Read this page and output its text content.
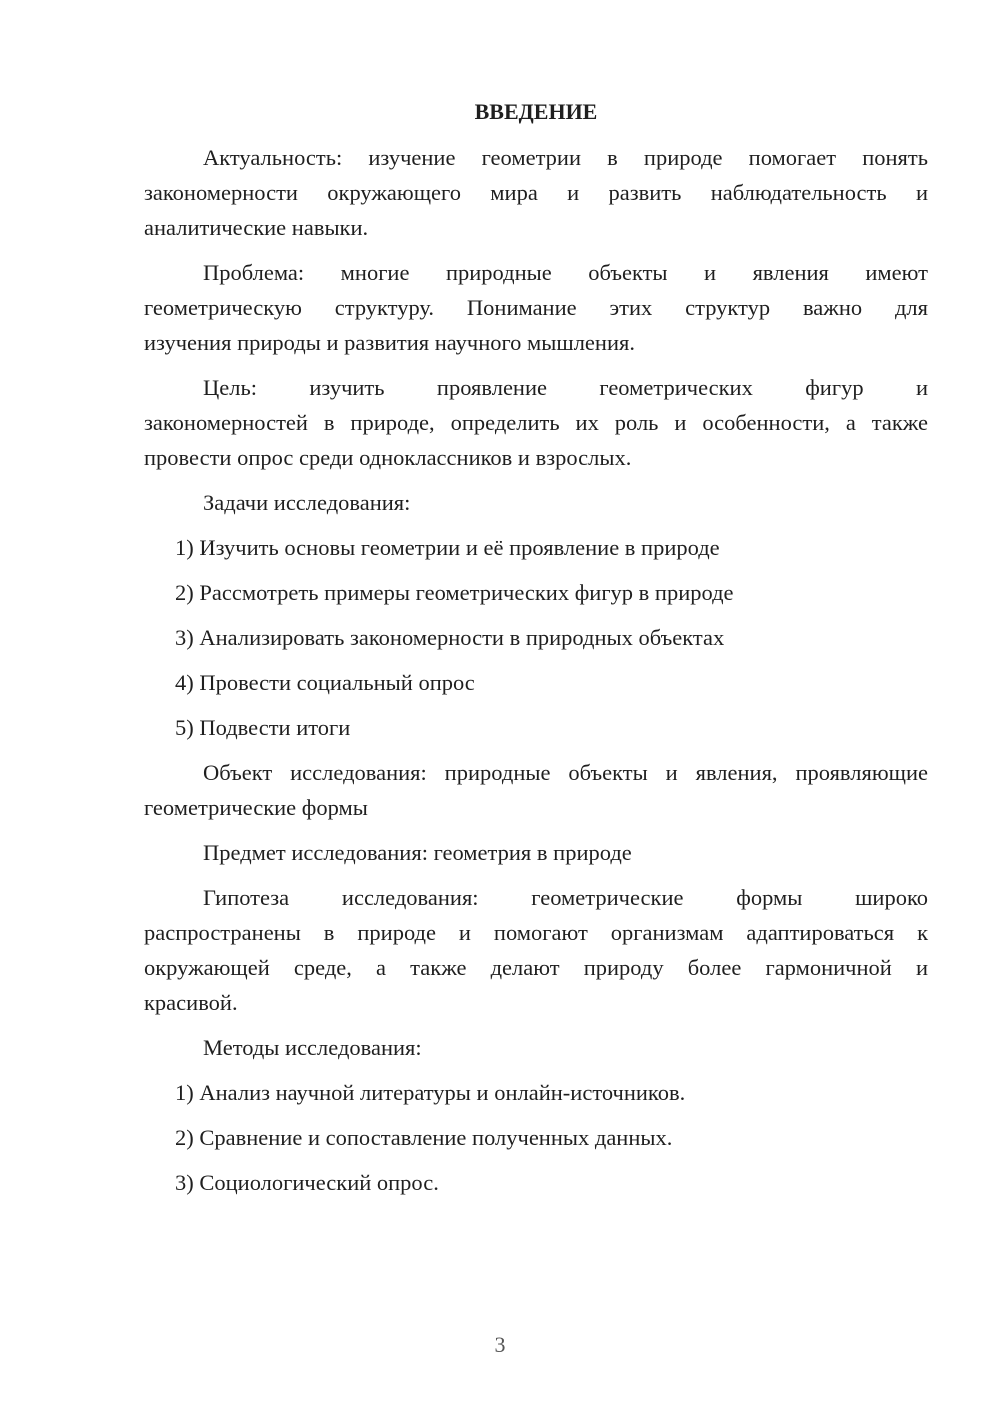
ВВЕДЕНИЕ

Актуальность: изучение геометрии в природе помогает понять
закономерности окружающего мира и развить наблюдательность и
аналитические навыки.

Проблема: многие природные объекты и явления имеют
геометрическую структуру. Понимание этих структур важно для
изучения природы и развития научного мышления.

Цель: изучить проявление геометрических фигур и
закономерностей в природе, определить их роль и особенности, а также
провести опрос среди одноклассников и взрослых.

Задачи исследования:

1) Изучить основы геометрии и её проявление в природе
2) Рассмотреть примеры геометрических фигур в природе
3) Анализировать закономерности в природных объектах
4) Провести социальный опрос
5) Подвести итоги

Объект исследования: природные объекты и явления, проявляющие
геометрические формы

Предмет исследования: геометрия в природе

Гипотеза исследования: геометрические формы широко
распространены в природе и помогают организмам адаптироваться к
окружающей среде, а также делают природу более гармоничной и
красивой.

Методы исследования:

1) Анализ научной литературы и онлайн-источников.
2) Сравнение и сопоставление полученных данных.
3) Социологический опрос.
3
